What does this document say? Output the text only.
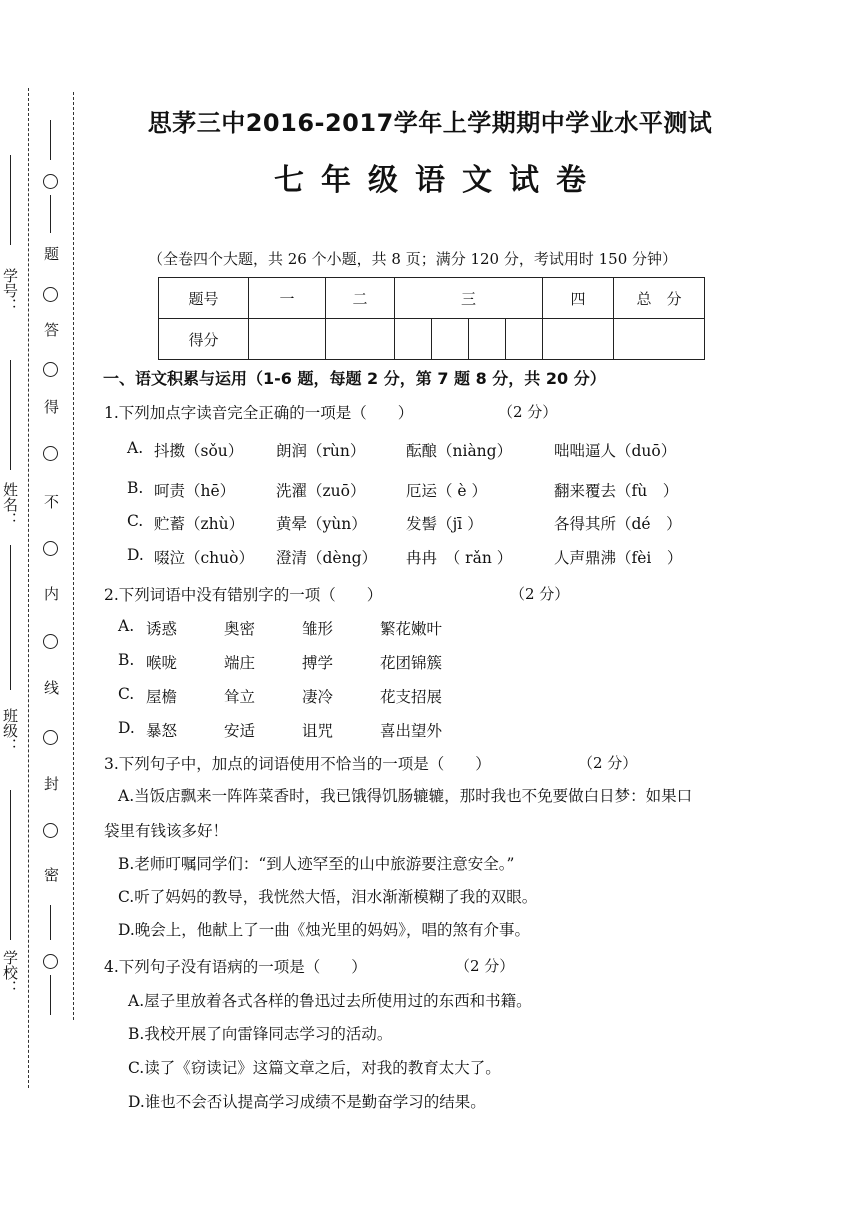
学号：
姓名：
班级：
学校：
题
答
得
不
内
线
封
密
思茅三中2016-2017学年上学期期中学业水平测试
七年级语文试卷
（全卷四个大题，共 26 个小题，共 8 页；满分 120 分，考试用时 150 分钟）
题号	一	二	三				四	总　分
得分								
一、语文积累与运用（1-6 题，每题 2 分，第 7 题 8 分，共 20 分）
1.下列加点字读音完全正确的一项是（　　）	（2 分）
A. 抖擞（sǒu） 朗润（rùn）	酝酿（niàng）	咄咄逼人（duō）
B. 呵责（hē）	洗濯（zuō）	厄运（ è ）	翻来覆去（fù　）
C. 贮蓄（zhù） 黄晕（yùn）	发髻（jī ）	各得其所（dé　）
D. 啜泣（chuò） 澄清（dèng） 冉冉　（ rǎn ）	人声鼎沸（fèi　）
2.下列词语中没有错别字的一项（　　）	（2 分）
A. 诱惑	奥密	雏形	繁花嫩叶
B. 喉咙	端庄	搏学	花团锦簇
C. 屋檐	耸立	凄冷	花支招展
D. 暴怒	安适	诅咒	喜出望外
3.下列句子中，加点的词语使用不恰当的一项是（　　）	（2 分）
A.当饭店飘来一阵阵菜香时，我已饿得饥肠辘辘，那时我也不免要做白日梦：如果口
袋里有钱该多好！
B.老师叮嘱同学们：“到人迹罕至的山中旅游要注意安全。”
C.听了妈妈的教导，我恍然大悟，泪水渐渐模糊了我的双眼。
D.晚会上，他献上了一曲《烛光里的妈妈》，唱的煞有介事。
4.下列句子没有语病的一项是（　　）	（2 分）
A.屋子里放着各式各样的鲁迅过去所使用过的东西和书籍。
B.我校开展了向雷锋同志学习的活动。
C.读了《窃读记》这篇文章之后，对我的教育太大了。
D.谁也不会否认提高学习成绩不是勤奋学习的结果。
